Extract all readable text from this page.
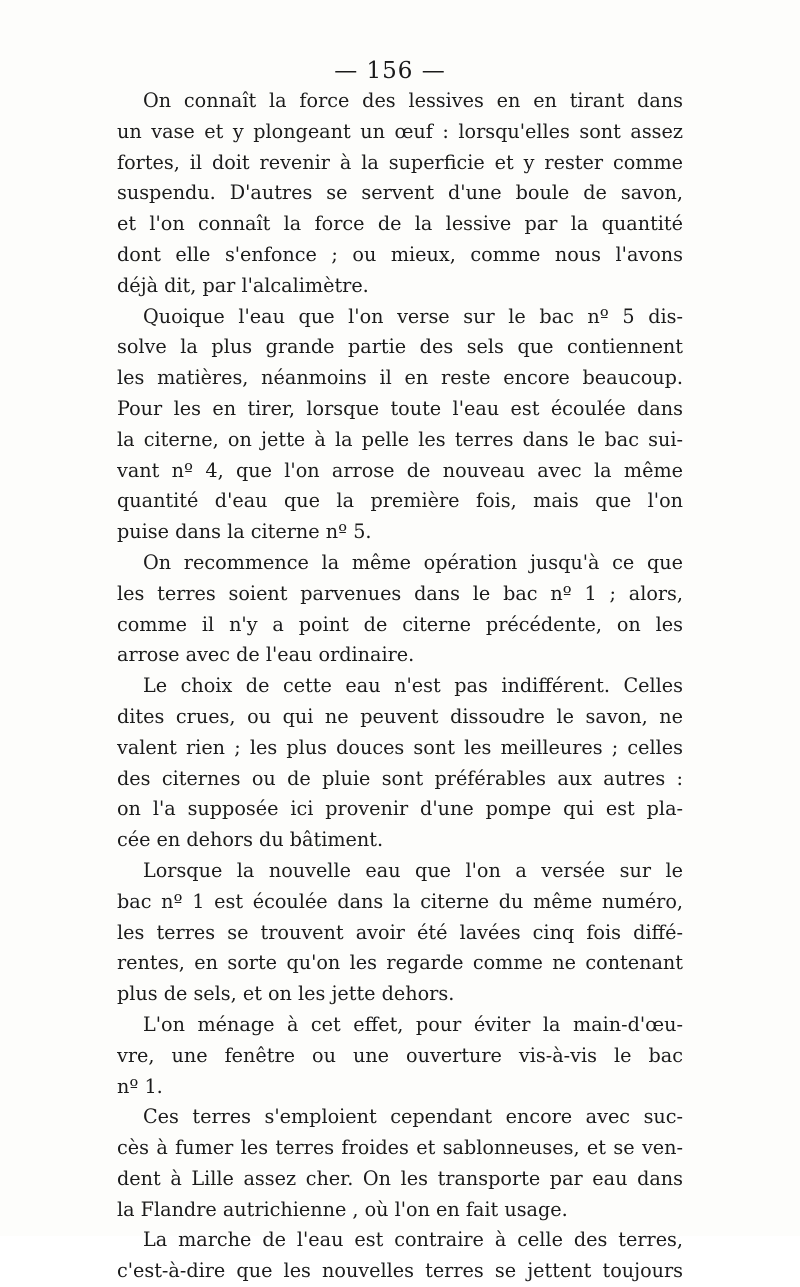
— 156 —
On connaît la force des lessives en en tirant dans
un vase et y plongeant un œuf : lorsqu'elles sont assez
fortes, il doit revenir à la superficie et y rester comme
suspendu. D'autres se servent d'une boule de savon,
et l'on connaît la force de la lessive par la quantité
dont elle s'enfonce ; ou mieux, comme nous l'avons
déjà dit, par l'alcalimètre.
Quoique l'eau que l'on verse sur le bac nº 5 dis-
solve la plus grande partie des sels que contiennent
les matières, néanmoins il en reste encore beaucoup.
Pour les en tirer, lorsque toute l'eau est écoulée dans
la citerne, on jette à la pelle les terres dans le bac sui-
vant nº 4, que l'on arrose de nouveau avec la même
quantité d'eau que la première fois, mais que l'on
puise dans la citerne nº 5.
On recommence la même opération jusqu'à ce que
les terres soient parvenues dans le bac nº 1 ; alors,
comme il n'y a point de citerne précédente, on les
arrose avec de l'eau ordinaire.
Le choix de cette eau n'est pas indifférent. Celles
dites crues, ou qui ne peuvent dissoudre le savon, ne
valent rien ; les plus douces sont les meilleures ; celles
des citernes ou de pluie sont préférables aux autres :
on l'a supposée ici provenir d'une pompe qui est pla-
cée en dehors du bâtiment.
Lorsque la nouvelle eau que l'on a versée sur le
bac nº 1 est écoulée dans la citerne du même numéro,
les terres se trouvent avoir été lavées cinq fois diffé-
rentes, en sorte qu'on les regarde comme ne contenant
plus de sels, et on les jette dehors.
L'on ménage à cet effet, pour éviter la main-d'œu-
vre, une fenêtre ou une ouverture vis-à-vis le bac
nº 1.
Ces terres s'emploient cependant encore avec suc-
cès à fumer les terres froides et sablonneuses, et se ven-
dent à Lille assez cher. On les transporte par eau dans
la Flandre autrichienne , où l'on en fait usage.
La marche de l'eau est contraire à celle des terres,
c'est-à-dire que les nouvelles terres se jettent toujours
